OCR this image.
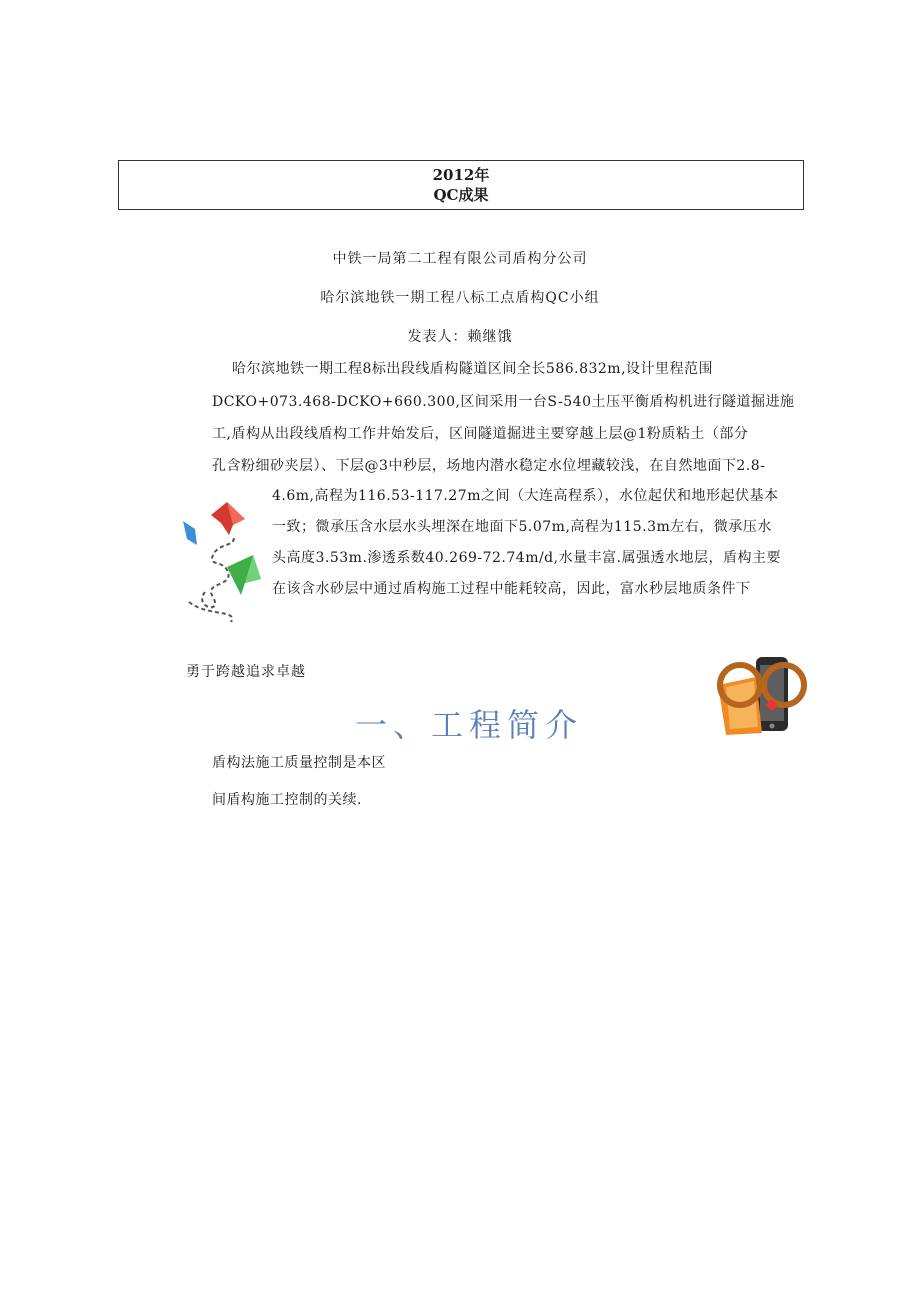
2012年
QC成果
中铁一局第二工程有限公司盾构分公司
哈尔滨地铁一期工程八标工点盾构QC小组
发表人：赖继饿
哈尔滨地铁一期工程8标出段线盾构隧道区间全长586.832m,设计里程范围
DCKO+073.468-DCKO+660.300,区间采用一台S-540土压平衡盾构机进行隧道掘进施
工,盾构从出段线盾构工作井始发后，区间隧道掘进主要穿越上层@1粉质粘土（部分
孔含粉细砂夹层）、下层@3中秒层，场地内潜水稳定水位埋藏较浅，在自然地面下2.8-
4.6m,高程为116.53-117.27m之间（大连高程系），水位起伏和地形起伏基本
一致；微承压含水层水头埋深在地面下5.07m,高程为115.3m左右，微承压水
头高度3.53m.渗透系数40.269-72.74m/d,水量丰富.属强透水地层，盾构主要
在该含水砂层中通过盾构施工过程中能耗较高，因此，富水秒层地质条件下
勇于跨越追求卓越
一、工程简介
盾构法施工质量控制是本区
间盾构施工控制的关续.
